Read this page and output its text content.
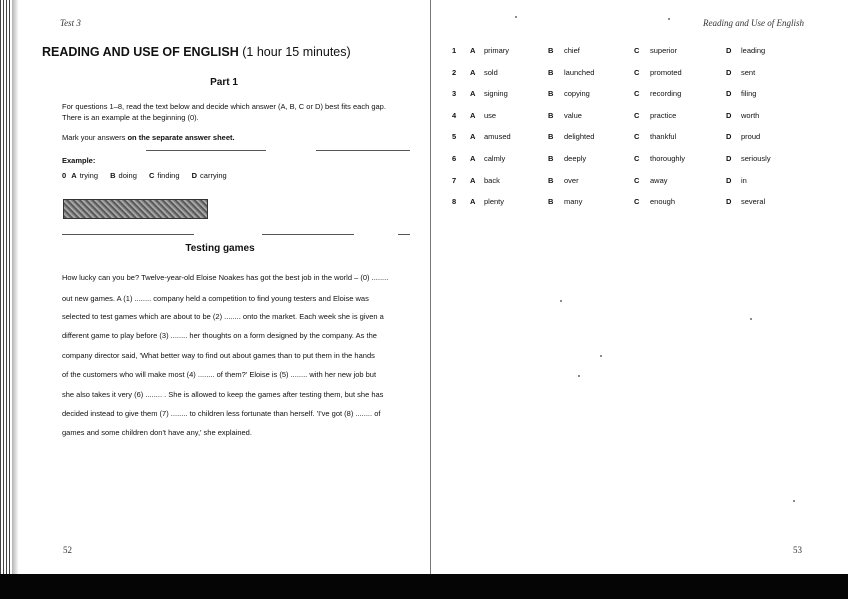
Test 3
READING AND USE OF ENGLISH (1 hour 15 minutes)
Part 1
For questions 1–8, read the text below and decide which answer (A, B, C or D) best fits each gap.
There is an example at the beginning (0).
Mark your answers on the separate answer sheet.
Example:
0 A trying B doing C finding D carrying
Testing games
How lucky can you be? Twelve-year-old Eloise Noakes has got the best job in the world – (0) ........
out new games. A (1) ........ company held a competition to find young testers and Eloise was
selected to test games which are about to be (2) ........ onto the market. Each week she is given a
different game to play before (3) ........ her thoughts on a form designed by the company. As the
company director said, 'What better way to find out about games than to put them in the hands
of the customers who will make most (4) ........ of them?' Eloise is (5) ........ with her new job but
she also takes it very (6) ........ . She is allowed to keep the games after testing them, but she has
decided instead to give them (7) ........ to children less fortunate than herself. 'I've got (8) ........ of
games and some children don't have any,' she explained.
52
Reading and Use of English
1 A primary	B chief	C superior	D leading
2 A sold	B launched	C promoted	D sent
3 A signing	B copying	C recording	D filing
4 A use	B value	C practice	D worth
5 A amused	B delighted	C thankful	D proud
6 A calmly	B deeply	C thoroughly	D seriously
7 A back	B over	C away	D in
8 A plenty	B many	C enough	D several
53
